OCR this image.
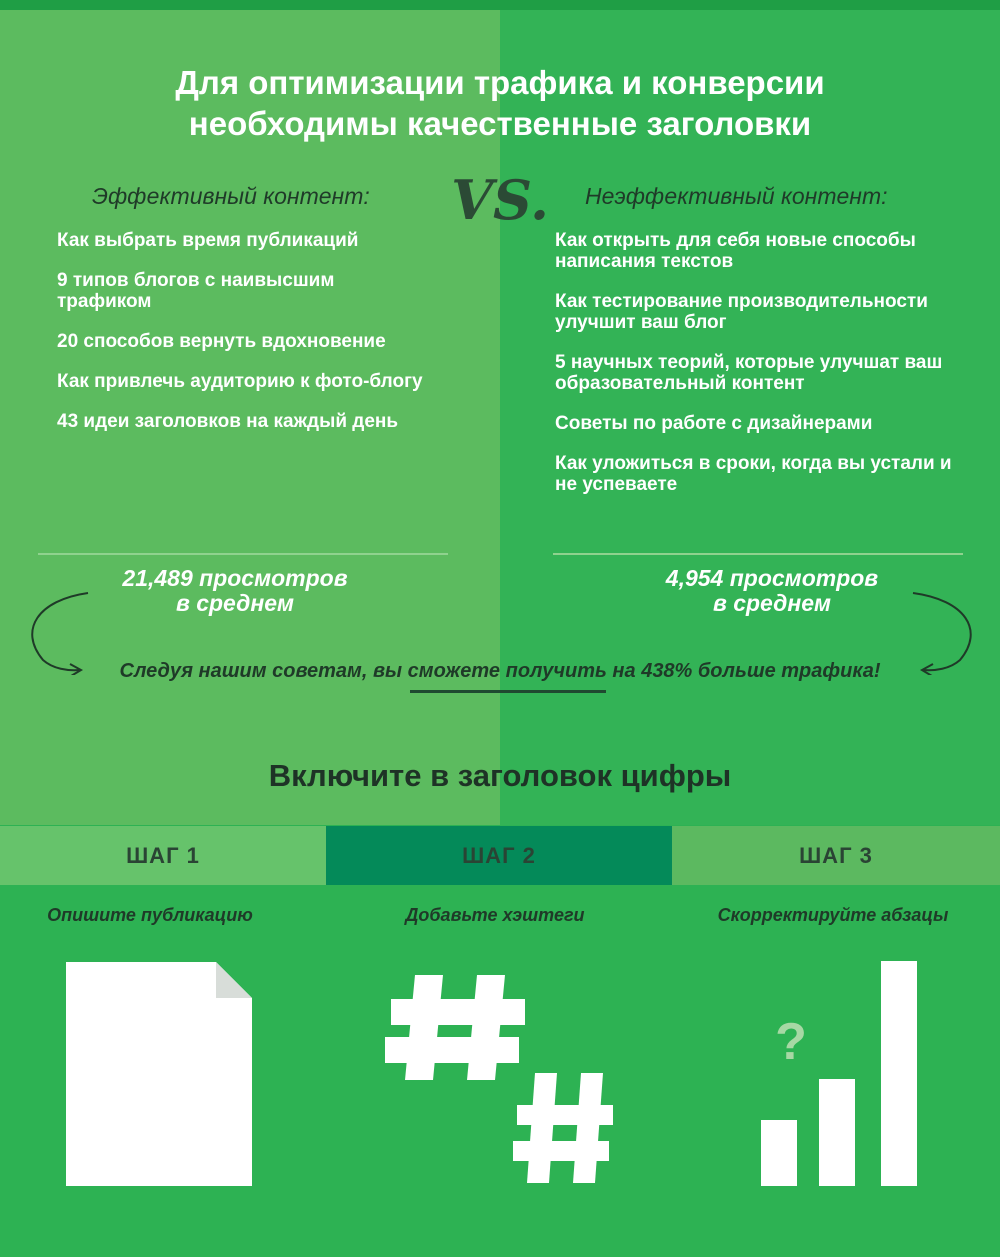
Для оптимизации трафика и конверсии
необходимы качественные заголовки
VS.
Эффективный контент:	Неэффективный контент:
Как выбрать время публикаций
9 типов блогов с наивысшим трафиком
20 способов вернуть вдохновение
Как привлечь аудиторию к фото-блогу
43 идеи заголовков на каждый день
Как открыть для себя новые способы написания текстов
Как тестирование производительности улучшит ваш блог
5 научных теорий, которые улучшат ваш образовательный контент
Советы по работе с дизайнерами
Как уложиться в сроки, когда вы устали и не успеваете
21,489 просмотров
в среднем
4,954 просмотров
в среднем
Следуя нашим советам, вы сможете получить на 438% больше трафика!
Включите в заголовок цифры
ШАГ 1	ШАГ 2	ШАГ 3
Опишите публикацию	Добавьте хэштеги	Скорректируйте абзацы
?
